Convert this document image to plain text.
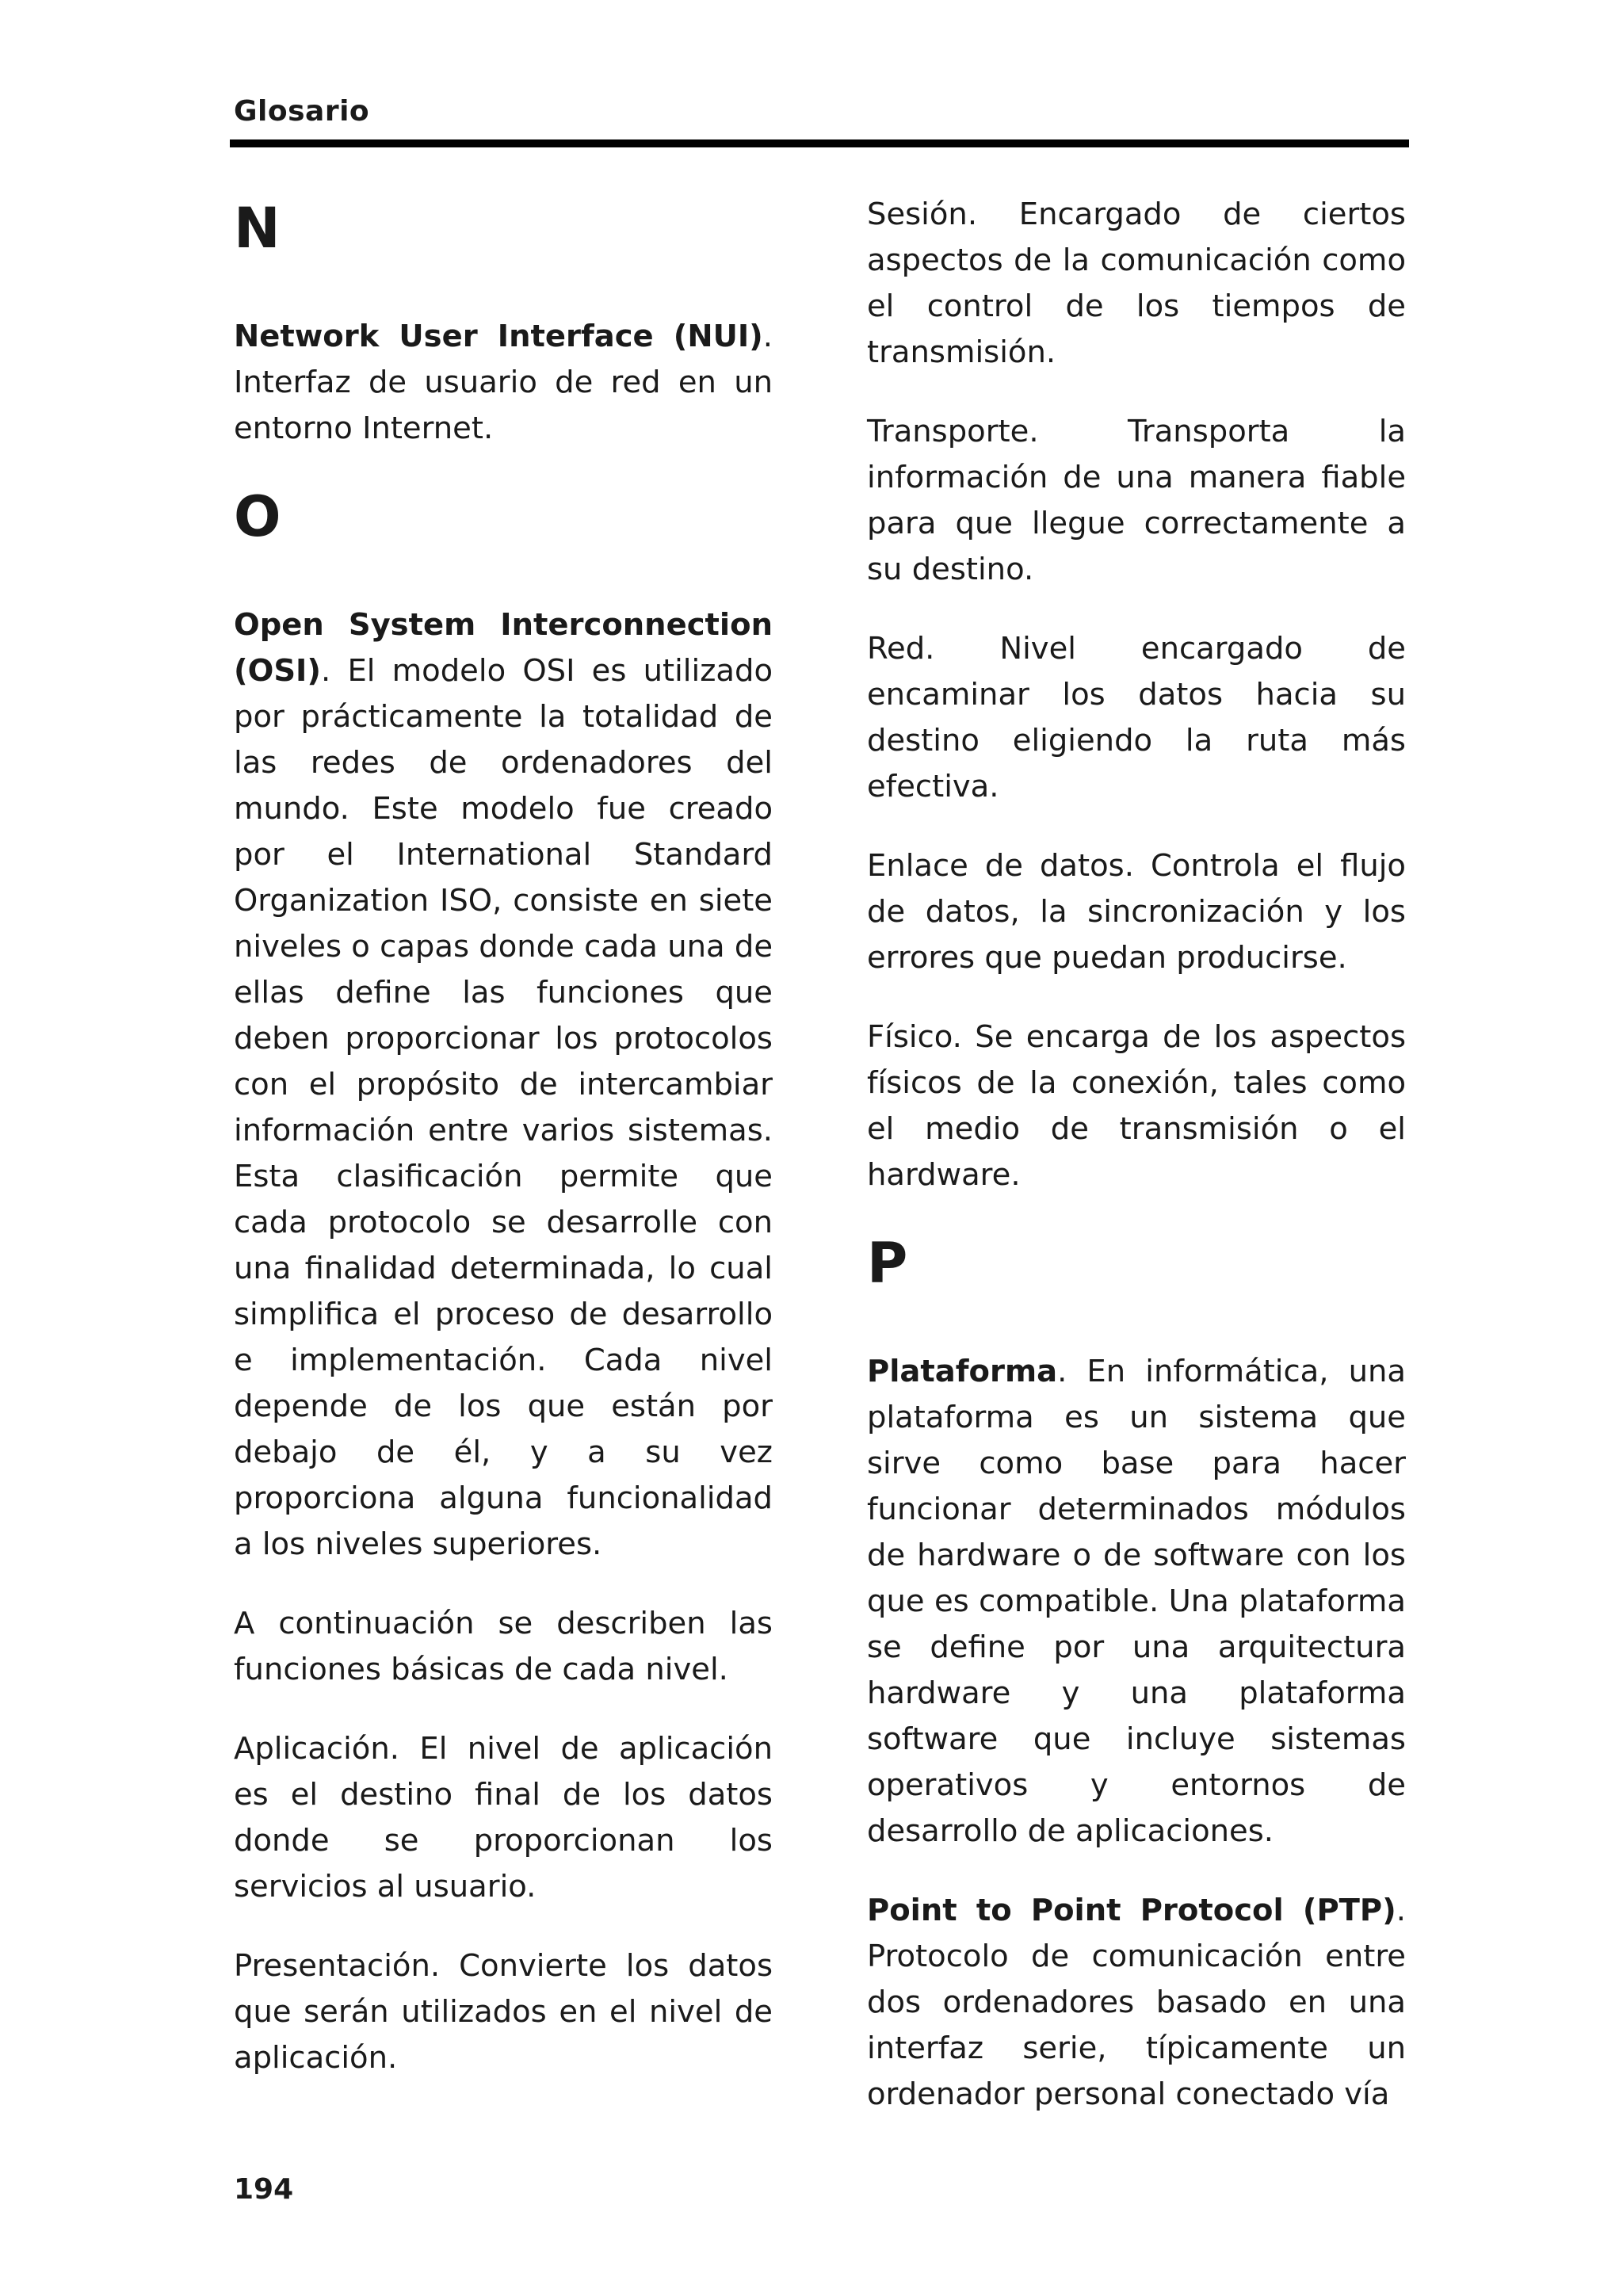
Glosario
N

Network User Interface (NUI). Interfaz de usuario de red en un entorno Internet.

O

Open System Interconnection (OSI). El modelo OSI es utilizado por prácticamente la totalidad de las redes de ordenadores del mundo. Este modelo fue creado por el International Standard Organization ISO, consiste en siete niveles o capas donde cada una de ellas define las funciones que deben proporcionar los protocolos con el propósito de intercambiar información entre varios sistemas. Esta clasificación permite que cada protocolo se desarrolle con una finalidad determinada, lo cual simplifica el proceso de desarrollo e implementación. Cada nivel depende de los que están por debajo de él, y a su vez proporciona alguna funcionalidad a los niveles superiores.

A continuación se describen las funciones básicas de cada nivel.

Aplicación. El nivel de aplicación es el destino final de los datos donde se proporcionan los servicios al usuario.

Presentación. Convierte los datos que serán utilizados en el nivel de aplicación.

Sesión. Encargado de ciertos aspectos de la comunicación como el control de los tiempos de transmisión.

Transporte. Transporta la información de una manera fiable para que llegue correctamente a su destino.

Red. Nivel encargado de encaminar los datos hacia su destino eligiendo la ruta más efectiva.

Enlace de datos. Controla el flujo de datos, la sincronización y los errores que puedan producirse.

Físico. Se encarga de los aspectos físicos de la conexión, tales como el medio de transmisión o el hardware.

P

Plataforma. En informática, una plataforma es un sistema que sirve como base para hacer funcionar determinados módulos de hardware o de software con los que es compatible. Una plataforma se define por una arquitectura hardware y una plataforma software que incluye sistemas operativos y entornos de desarrollo de aplicaciones.

Point to Point Protocol (PTP). Protocolo de comunicación entre dos ordenadores basado en una interfaz serie, típicamente un ordenador personal conectado vía

194
